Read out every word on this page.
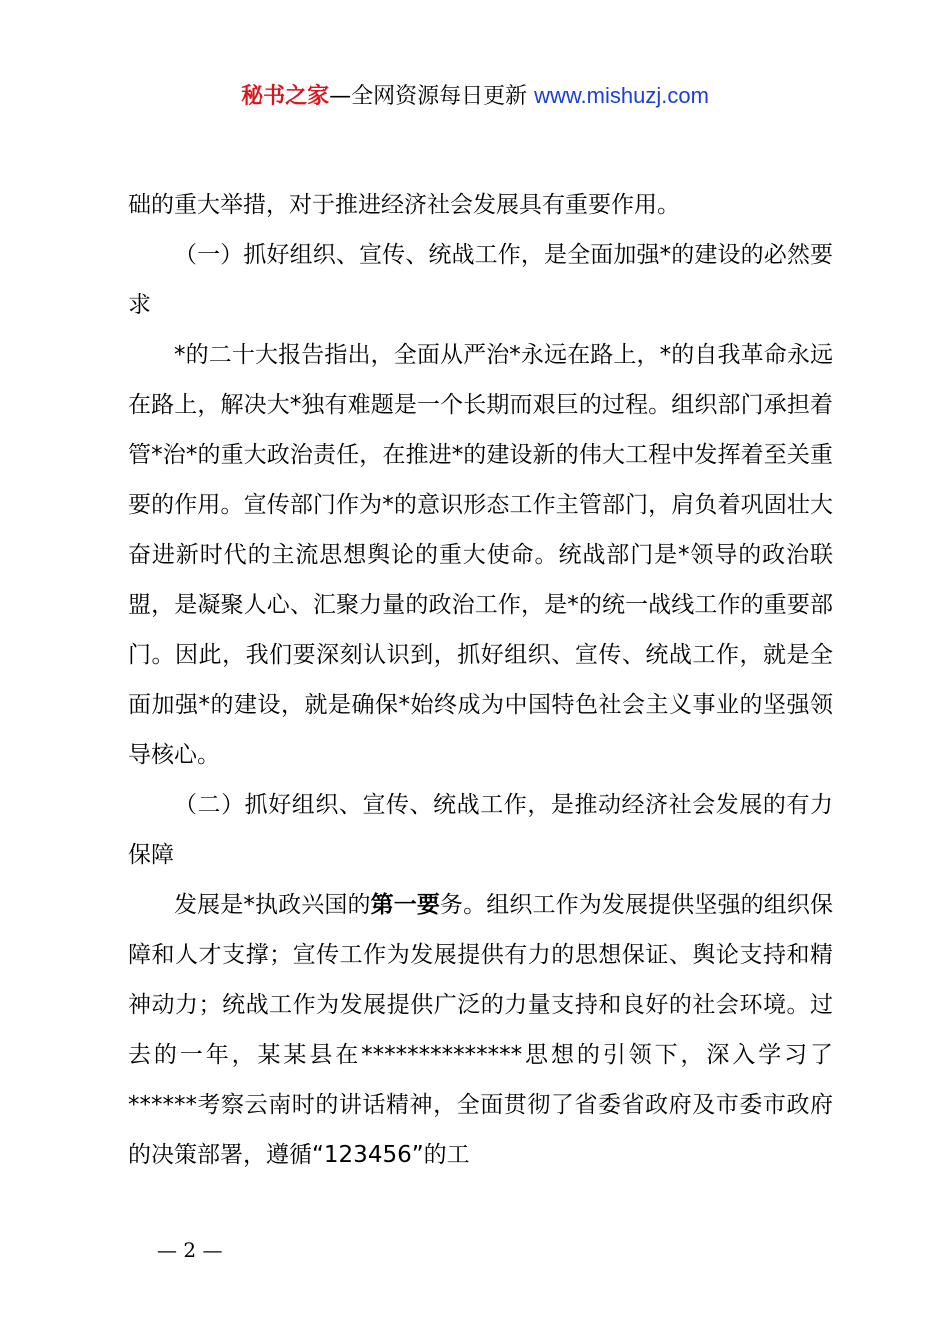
秘书之家—全网资源每日更新 www.mishuzj.com

础的重大举措，对于推进经济社会发展具有重要作用。

（一）抓好组织、宣传、统战工作，是全面加强*的建设的必然要求

*的二十大报告指出，全面从严治*永远在路上，*的自我革命永远在路上，解决大*独有难题是一个长期而艰巨的过程。组织部门承担着管*治*的重大政治责任，在推进*的建设新的伟大工程中发挥着至关重要的作用。宣传部门作为*的意识形态工作主管部门，肩负着巩固壮大奋进新时代的主流思想舆论的重大使命。统战部门是*领导的政治联盟，是凝聚人心、汇聚力量的政治工作，是*的统一战线工作的重要部门。因此，我们要深刻认识到，抓好组织、宣传、统战工作，就是全面加强*的建设，就是确保*始终成为中国特色社会主义事业的坚强领导核心。

（二）抓好组织、宣传、统战工作，是推动经济社会发展的有力保障

发展是*执政兴国的第一要务。组织工作为发展提供坚强的组织保障和人才支撑；宣传工作为发展提供有力的思想保证、舆论支持和精神动力；统战工作为发展提供广泛的力量支持和良好的社会环境。过去的一年，某某县在**************思想的引领下，深入学习了******考察云南时的讲话精神，全面贯彻了省委省政府及市委市政府的决策部署，遵循“123456”的工

— 2 —
